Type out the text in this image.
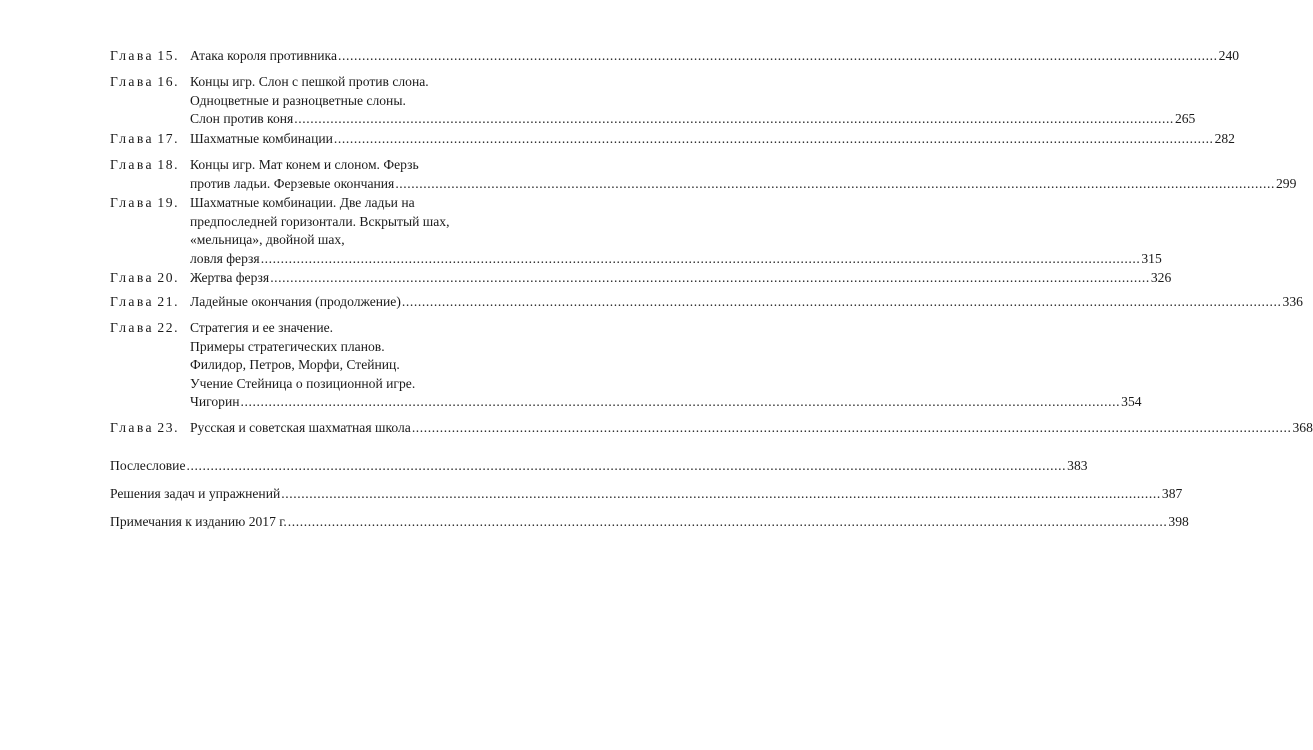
Глава 15. Атака короля противника ............................................................................................................................................................................................................................ 240
Глава 16. Концы игр. Слон с пешкой против слона.
Одноцветные и разноцветные слоны.
Слон против коня ............................................................................................................................................................................................................................ 265
Глава 17. Шахматные комбинации ............................................................................................................................................................................................................................ 282
Глава 18. Концы игр. Мат конем и слоном. Ферзь
против ладьи. Ферзевые окончания ............................................................................................................................................................................................................................ 299
Глава 19. Шахматные комбинации. Две ладьи на
предпоследней горизонтали. Вскрытый шах,
«мельница», двойной шах,
ловля ферзя ............................................................................................................................................................................................................................ 315
Глава 20. Жертва ферзя ............................................................................................................................................................................................................................ 326
Глава 21. Ладейные окончания (продолжение) ............................................................................................................................................................................................................................ 336
Глава 22. Стратегия и ее значение.
Примеры стратегических планов.
Филидор, Петров, Морфи, Стейниц.
Учение Стейница о позиционной игре.
Чигорин ............................................................................................................................................................................................................................ 354
Глава 23. Русская и советская шахматная школа ............................................................................................................................................................................................................................ 368
Послесловие ............................................................................................................................................................................................................................ 383
Решения задач и упражнений ............................................................................................................................................................................................................................ 387
Примечания к изданию 2017 г. ............................................................................................................................................................................................................................ 398
